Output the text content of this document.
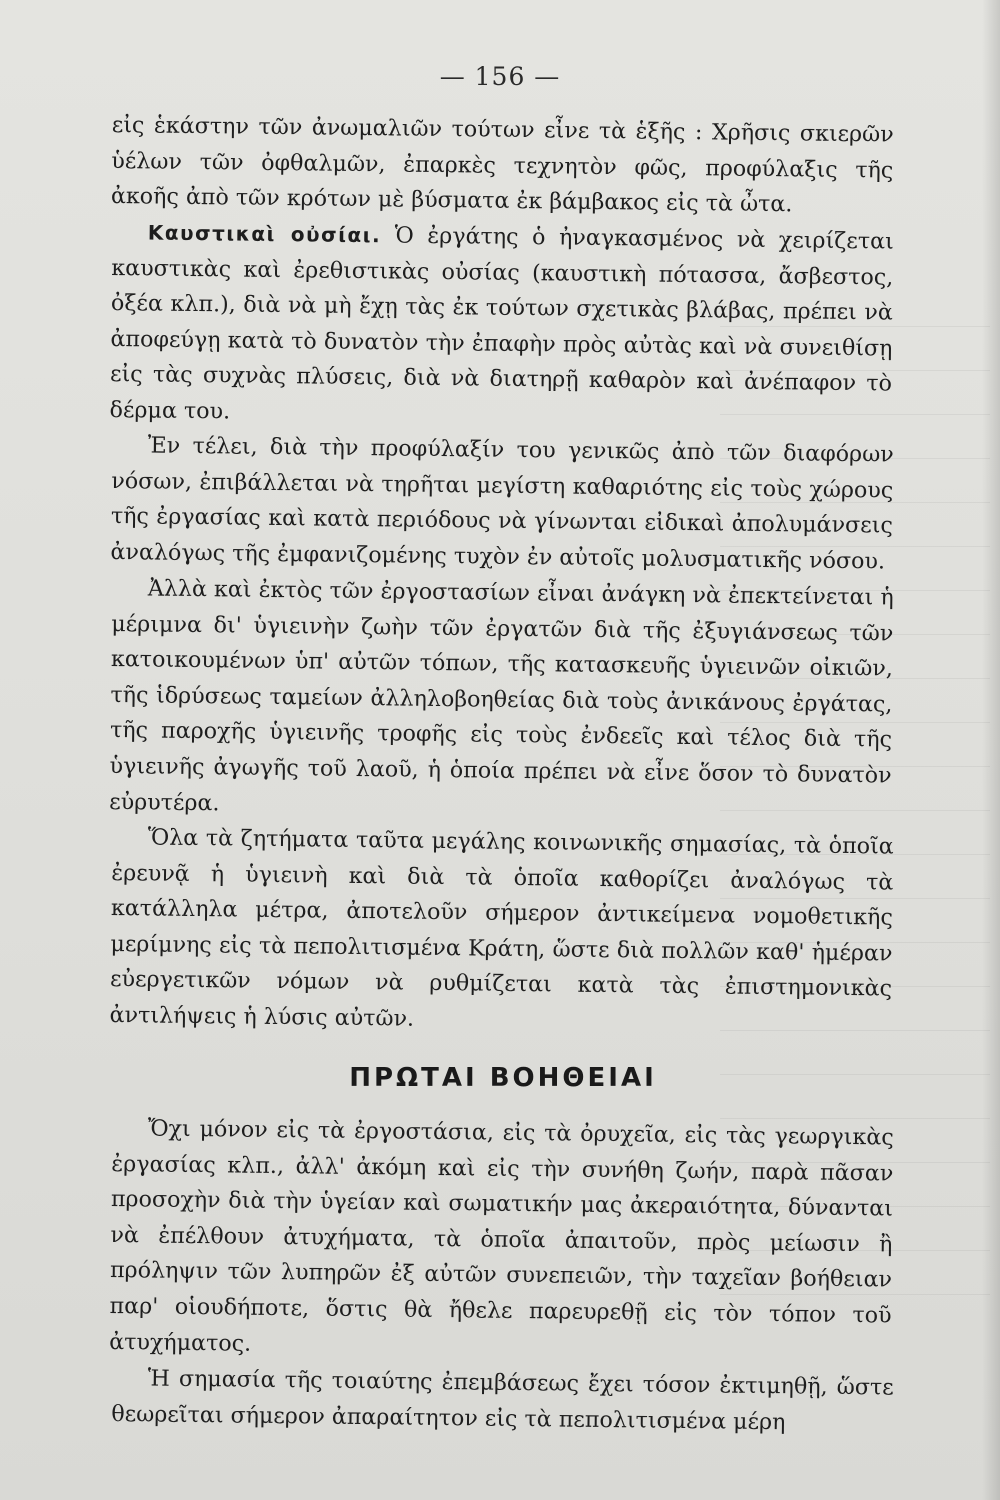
— 156 —

εἰς ἑκάστην τῶν ἀνωμαλιῶν τούτων εἶνε τὰ ἑξῆς : Χρῆσις σκιερῶν ὑέλων τῶν ὀφθαλμῶν, ἐπαρκὲς τεχνητὸν φῶς, προφύλαξις τῆς ἀκοῆς ἀπὸ τῶν κρότων μὲ βύσματα ἐκ βάμβακος εἰς τὰ ὦτα.

Καυστικαὶ οὐσίαι. Ὁ ἐργάτης ὁ ἠναγκασμένος νὰ χειρίζεται καυστικὰς καὶ ἐρεθιστικὰς οὐσίας (καυστικὴ πότασσα, ἄσβεστος, ὀξέα κλπ.), διὰ νὰ μὴ ἔχῃ τὰς ἐκ τούτων σχετικὰς βλάβας, πρέπει νὰ ἀποφεύγῃ κατὰ τὸ δυνατὸν τὴν ἐπαφὴν πρὸς αὐτὰς καὶ νὰ συνειθίσῃ εἰς τὰς συχνὰς πλύσεις, διὰ νὰ διατηρῇ καθαρὸν καὶ ἀνέπαφον τὸ δέρμα του.

Ἐν τέλει, διὰ τὴν προφύλαξίν του γενικῶς ἀπὸ τῶν διαφόρων νόσων, ἐπιβάλλεται νὰ τηρῆται μεγίστη καθαριότης εἰς τοὺς χώρους τῆς ἐργασίας καὶ κατὰ περιόδους νὰ γίνωνται εἰδικαὶ ἀπολυμάνσεις ἀναλόγως τῆς ἐμφανιζομένης τυχὸν ἐν αὐτοῖς μολυσματικῆς νόσου.

Ἀλλὰ καὶ ἐκτὸς τῶν ἐργοστασίων εἶναι ἀνάγκη νὰ ἐπεκτείνεται ἡ μέριμνα δι' ὑγιεινὴν ζωὴν τῶν ἐργατῶν διὰ τῆς ἐξυγιάνσεως τῶν κατοικουμένων ὑπ' αὐτῶν τόπων, τῆς κατασκευῆς ὑγιεινῶν οἰκιῶν, τῆς ἱδρύσεως ταμείων ἀλληλοβοηθείας διὰ τοὺς ἀνικάνους ἐργάτας, τῆς παροχῆς ὑγιεινῆς τροφῆς εἰς τοὺς ἐνδεεῖς καὶ τέλος διὰ τῆς ὑγιεινῆς ἀγωγῆς τοῦ λαοῦ, ἡ ὁποία πρέπει νὰ εἶνε ὅσον τὸ δυνατὸν εὐρυτέρα.

Ὅλα τὰ ζητήματα ταῦτα μεγάλης κοινωνικῆς σημασίας, τὰ ὁποῖα ἐρευνᾷ ἡ ὑγιεινὴ καὶ διὰ τὰ ὁποῖα καθορίζει ἀναλόγως τὰ κατάλληλα μέτρα, ἀποτελοῦν σήμερον ἀντικείμενα νομοθετικῆς μερίμνης εἰς τὰ πεπολιτισμένα Κράτη, ὥστε διὰ πολλῶν καθ' ἡμέραν εὐεργετικῶν νόμων νὰ ρυθμίζεται κατὰ τὰς ἐπιστημονικὰς ἀντιλήψεις ἡ λύσις αὐτῶν.

ΠΡΩΤΑΙ ΒΟΗΘΕΙΑΙ

Ὄχι μόνον εἰς τὰ ἐργοστάσια, εἰς τὰ ὀρυχεῖα, εἰς τὰς γεωργικὰς ἐργασίας κλπ., ἀλλ' ἀκόμη καὶ εἰς τὴν συνήθη ζωήν, παρὰ πᾶσαν προσοχὴν διὰ τὴν ὑγείαν καὶ σωματικήν μας ἀκεραιότητα, δύνανται νὰ ἐπέλθουν ἀτυχήματα, τὰ ὁποῖα ἀπαιτοῦν, πρὸς μείωσιν ἢ πρόληψιν τῶν λυπηρῶν ἐξ αὐτῶν συνεπειῶν, τὴν ταχεῖαν βοήθειαν παρ' οἱουδήποτε, ὅστις θὰ ἤθελε παρευρεθῇ εἰς τὸν τόπον τοῦ ἀτυχήματος.

Ἡ σημασία τῆς τοιαύτης ἐπεμβάσεως ἔχει τόσον ἐκτιμηθῇ, ὥστε θεωρεῖται σήμερον ἀπαραίτητον εἰς τὰ πεπολιτισμένα μέρη
